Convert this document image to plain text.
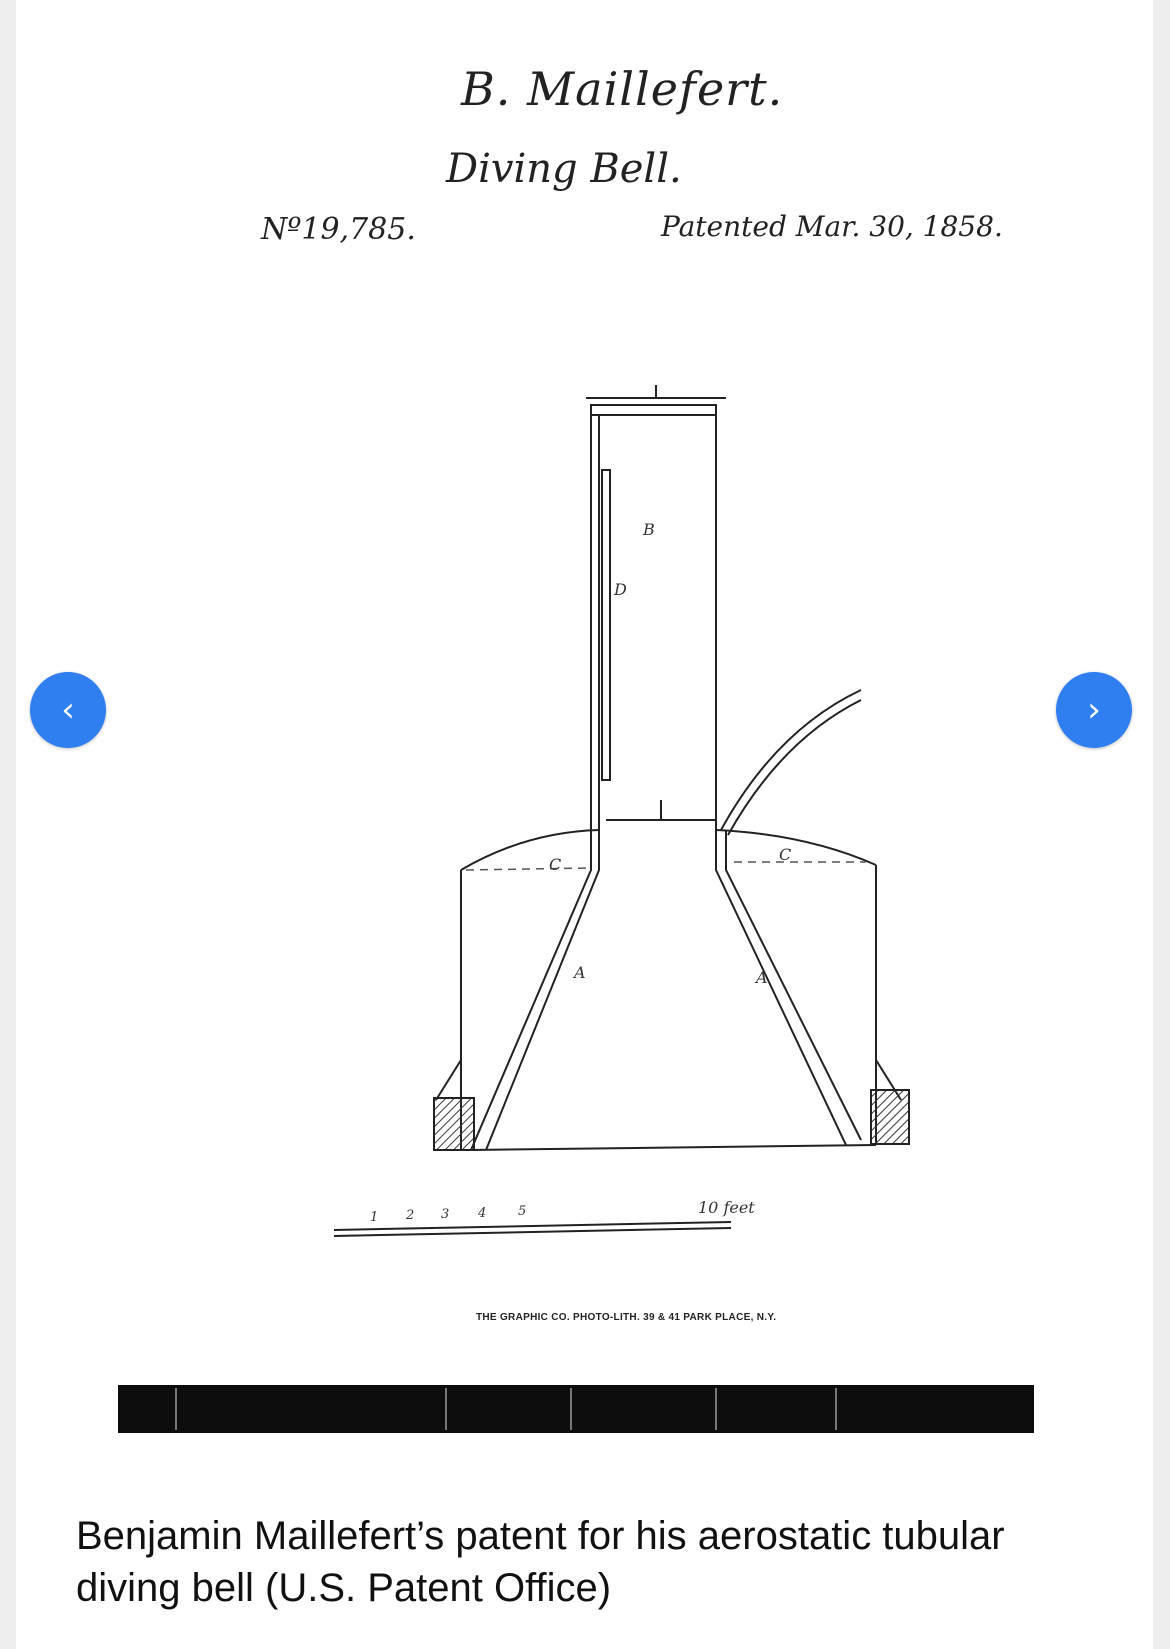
B. Maillefert.
Diving Bell.
Nº19,785.	Patented Mar. 30, 1858.
B
D
C
C
A	A
1 2 3 4 5	10 feet
THE GRAPHIC CO. PHOTO-LITH. 39 & 41 PARK PLACE, N.Y.
Benjamin Maillefert’s patent for his aerostatic tubular diving bell (U.S. Patent Office)
‹	›
